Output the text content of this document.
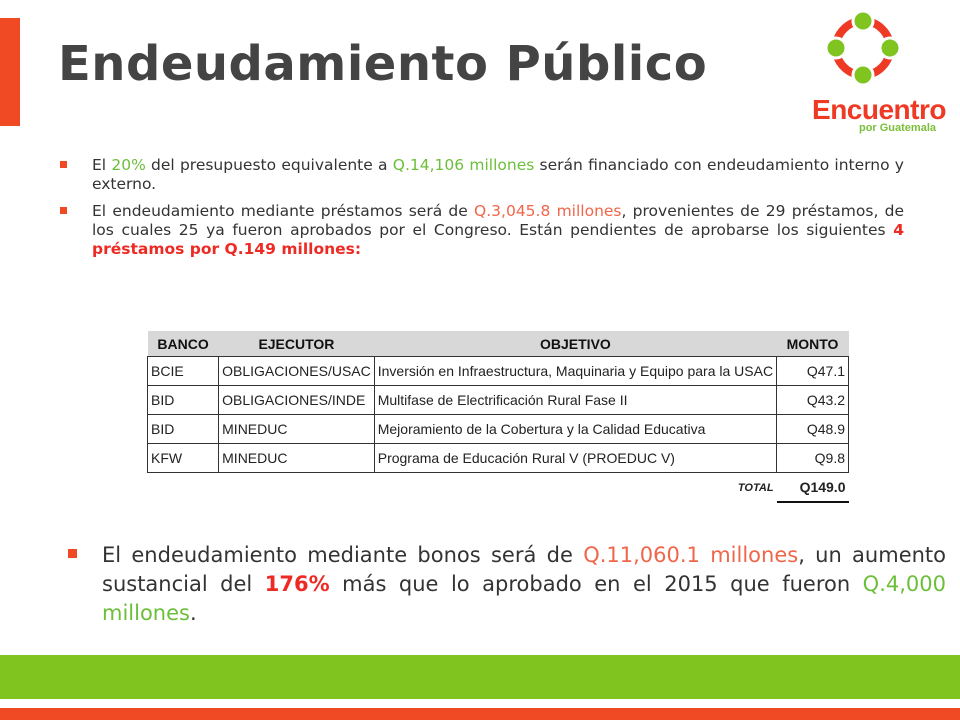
Endeudamiento Público
Encuentro
por Guatemala
El 20% del presupuesto equivalente a Q.14,106 millones serán financiado con endeudamiento interno y externo.
El endeudamiento mediante préstamos será de Q.3,045.8 millones, provenientes de 29 préstamos, de los cuales 25 ya fueron aprobados por el Congreso. Están pendientes de aprobarse los siguientes 4 préstamos por Q.149 millones:
BANCO	EJECUTOR	OBJETIVO	MONTO
BCIE	OBLIGACIONES/USAC	Inversión en Infraestructura, Maquinaria y Equipo para la USAC	Q47.1
BID	OBLIGACIONES/INDE	Multifase de Electrificación Rural Fase II	Q43.2
BID	MINEDUC	Mejoramiento de la Cobertura y la Calidad Educativa	Q48.9
KFW	MINEDUC	Programa de Educación Rural V (PROEDUC V)	Q9.8
		TOTAL	Q149.0
El endeudamiento mediante bonos será de Q.11,060.1 millones, un aumento sustancial del 176% más que lo aprobado en el 2015 que fueron Q.4,000 millones.
